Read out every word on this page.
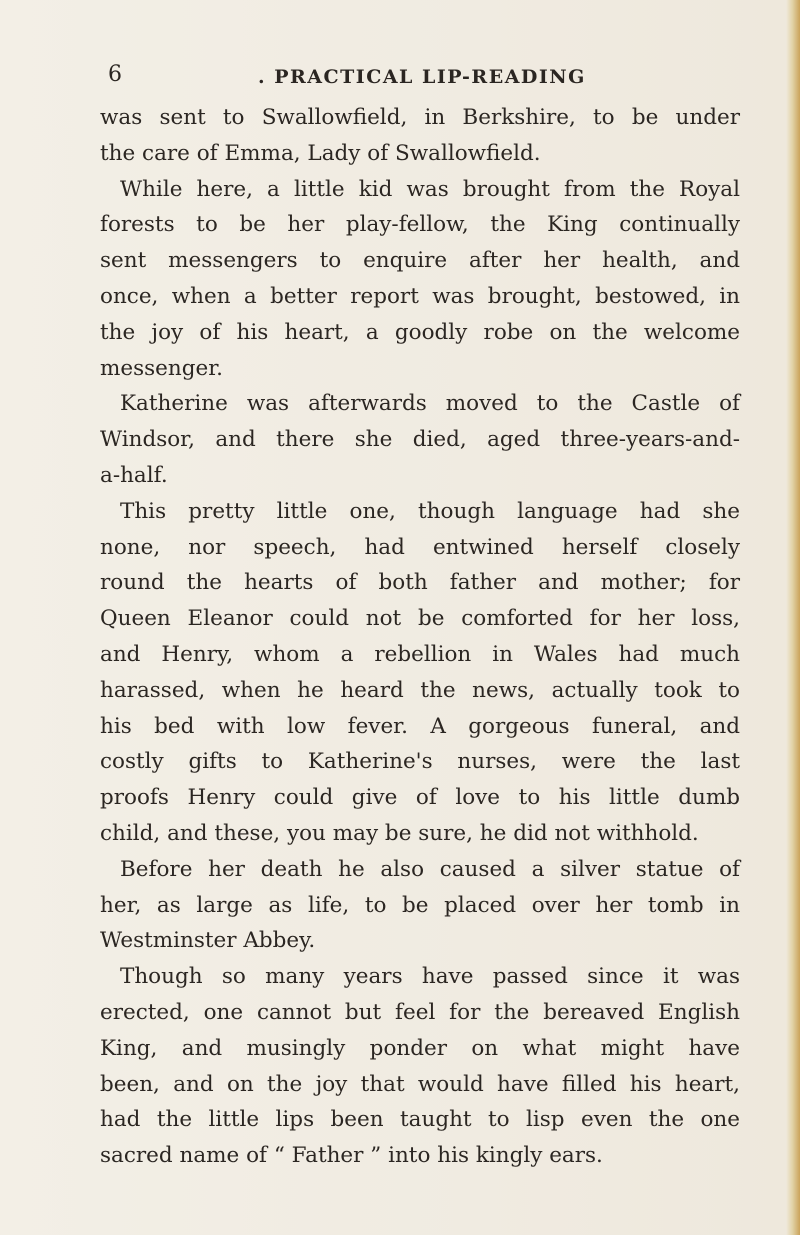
6	. PRACTICAL LIP-READING
was sent to Swallowfield, in Berkshire, to be under
the care of Emma, Lady of Swallowfield.
While here, a little kid was brought from the Royal
forests to be her play-fellow, the King continually
sent messengers to enquire after her health, and
once, when a better report was brought, bestowed, in
the joy of his heart, a goodly robe on the welcome
messenger.
Katherine was afterwards moved to the Castle of
Windsor, and there she died, aged three-years-and-
a-half.
This pretty little one, though language had she
none, nor speech, had entwined herself closely
round the hearts of both father and mother; for
Queen Eleanor could not be comforted for her loss,
and Henry, whom a rebellion in Wales had much
harassed, when he heard the news, actually took to
his bed with low fever. A gorgeous funeral, and
costly gifts to Katherine's nurses, were the last
proofs Henry could give of love to his little dumb
child, and these, you may be sure, he did not withhold.
Before her death he also caused a silver statue of
her, as large as life, to be placed over her tomb in
Westminster Abbey.
Though so many years have passed since it was
erected, one cannot but feel for the bereaved English
King, and musingly ponder on what might have
been, and on the joy that would have filled his heart,
had the little lips been taught to lisp even the one
sacred name of “ Father ” into his kingly ears.
